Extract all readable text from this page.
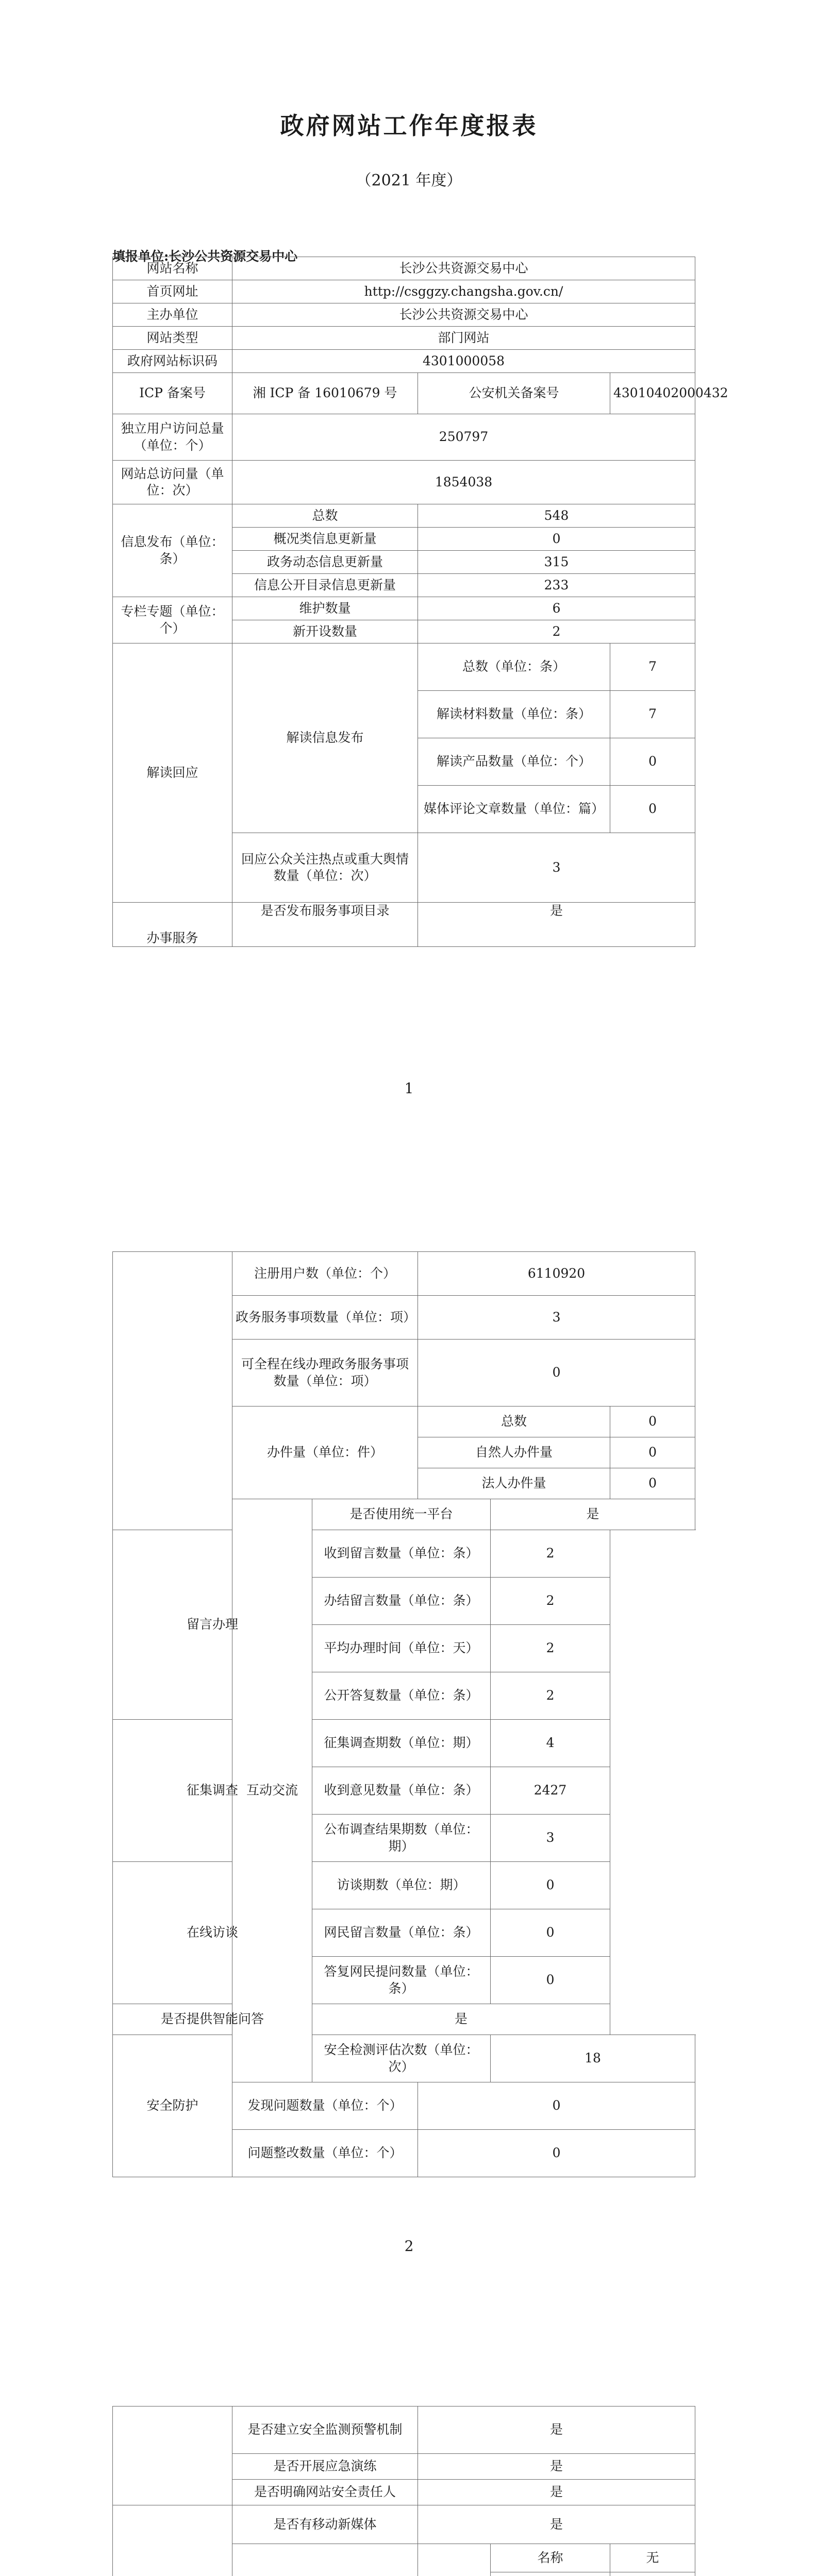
政府网站工作年度报表
（2021 年度）
填报单位:长沙公共资源交易中心
网站名称	长沙公共资源交易中心		
首页网址	http://csggzy.changsha.gov.cn/		
主办单位	长沙公共资源交易中心		
网站类型	部门网站		
政府网站标识码	4301000058		
ICP 备案号	湘 ICP 备 16010679 号	公安机关备案号	43010402000432
独立用户访问总量（单位：个）	250797		
网站总访问量（单位：次）	1854038		
信息发布（单位：条）	总数	548	
	概况类信息更新量	0	
	政务动态信息更新量	315	
	信息公开目录信息更新量	233	
专栏专题（单位：个）	维护数量	6	
	新开设数量	2	
解读回应	解读信息发布	总数（单位：条）	7
		解读材料数量（单位：条）	7
		解读产品数量（单位：个）	0
		媒体评论文章数量（单位：篇）	0
	回应公众关注热点或重大舆情数量（单位：次）	3	
办事服务	是否发布服务事项目录	是	
1
	注册用户数（单位：个）		6110920		
	政务服务事项数量（单位：项）		3		
	可全程在线办理政务服务事项数量（单位：项）		0		
	办件量（单位：件）		总数		0
			自然人办件量		0
			法人办件量		0
	互动交流	是否使用统一平台		是	
留言办理		收到留言数量（单位：条）		2	
		办结留言数量（单位：条）		2	
		平均办理时间（单位：天）		2	
		公开答复数量（单位：条）		2	
征集调查		征集调查期数（单位：期）		4	
		收到意见数量（单位：条）		2427	
		公布调查结果期数（单位：期）		3	
在线访谈		访谈期数（单位：期）		0	
		网民留言数量（单位：条）		0	
		答复网民提问数量（单位：条）		0	
是否提供智能问答		是			
安全防护		安全检测评估次数（单位：次）		18	
	发现问题数量（单位：个）		0		
	问题整改数量（单位：个）		0		
2
	是否建立安全监测预警机制	是		
	是否开展应急演练	是		
	是否明确网站安全责任人	是		
	是否有移动新媒体	是		
		名称	无
